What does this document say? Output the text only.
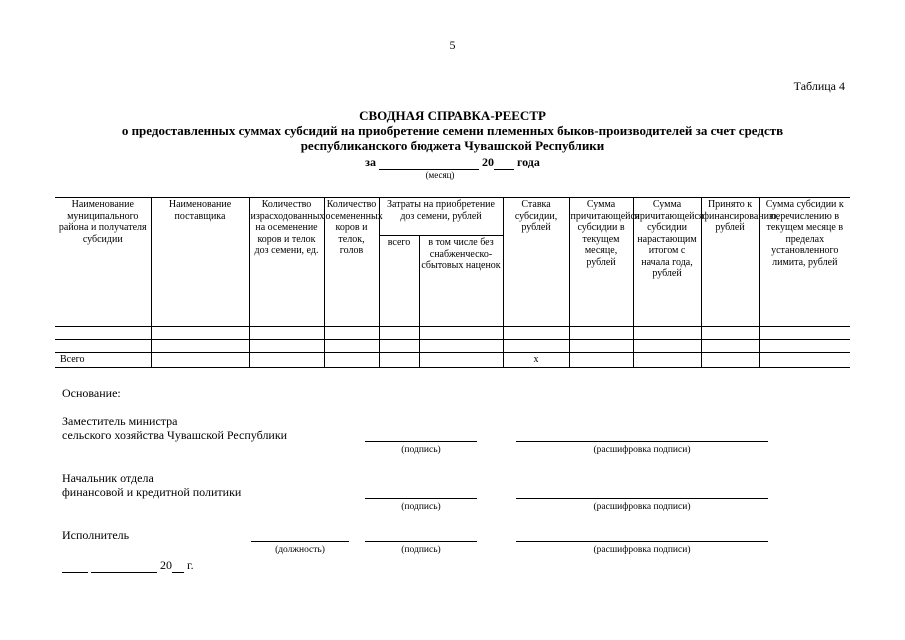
5
Таблица 4
СВОДНАЯ СПРАВКА-РЕЕСТР
о предоставленных суммах субсидий на приобретение семени племенных быков-производителей за счет средств
республиканского бюджета Чувашской Республики
за	20 года
(месяц)
Наименование муниципального района и получателя субсидии	Наименование поставщика	Количество израсходованных на осеменение коров и телок доз семени, ед.	Количество осемененных коров и телок, голов	Затраты на приобретение доз семени, рублей		Ставка субсидии, рублей	Сумма причитающейся субсидии в текущем месяце, рублей	Сумма причитающейся субсидии нарастающим итогом с начала года, рублей	Принято к финансированию, рублей	Сумма субсидии к перечислению в текущем месяце в пределах установленного лимита, рублей
				всего	в том числе без снабженческо-сбытовых наценок					

Всего						х				
Основание:
Заместитель министра
сельского хозяйства Чувашской Республики
(подпись)	(расшифровка подписи)
Начальник отдела
финансовой и кредитной политики
(подпись)	(расшифровка подписи)
Исполнитель
(должность)	(подпись)	(расшифровка подписи)
20 г.
